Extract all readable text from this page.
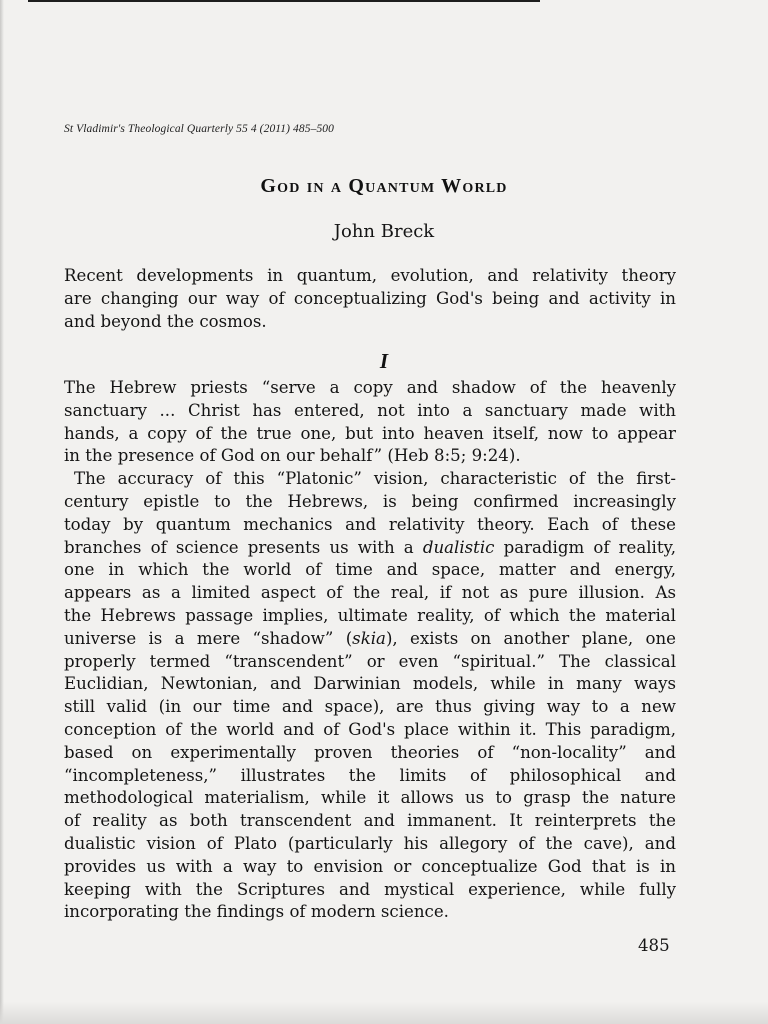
St Vladimir's Theological Quarterly 55 4 (2011) 485–500
God in a Quantum World
John Breck
Recent developments in quantum, evolution, and relativity theory
are changing our way of conceptualizing God's being and activity in
and beyond the cosmos.
I
The Hebrew priests “serve a copy and shadow of the heavenly
sanctuary ... Christ has entered, not into a sanctuary made with
hands, a copy of the true one, but into heaven itself, now to appear
in the presence of God on our behalf” (Heb 8:5; 9:24).
The accuracy of this “Platonic” vision, characteristic of the first-
century epistle to the Hebrews, is being confirmed increasingly
today by quantum mechanics and relativity theory. Each of these
branches of science presents us with a dualistic paradigm of reality,
one in which the world of time and space, matter and energy,
appears as a limited aspect of the real, if not as pure illusion. As
the Hebrews passage implies, ultimate reality, of which the material
universe is a mere “shadow” (skia), exists on another plane, one
properly termed “transcendent” or even “spiritual.” The classical
Euclidian, Newtonian, and Darwinian models, while in many ways
still valid (in our time and space), are thus giving way to a new
conception of the world and of God's place within it. This paradigm,
based on experimentally proven theories of “non-locality” and
“incompleteness,” illustrates the limits of philosophical and
methodological materialism, while it allows us to grasp the nature
of reality as both transcendent and immanent. It reinterprets the
dualistic vision of Plato (particularly his allegory of the cave), and
provides us with a way to envision or conceptualize God that is in
keeping with the Scriptures and mystical experience, while fully
incorporating the findings of modern science.
485
